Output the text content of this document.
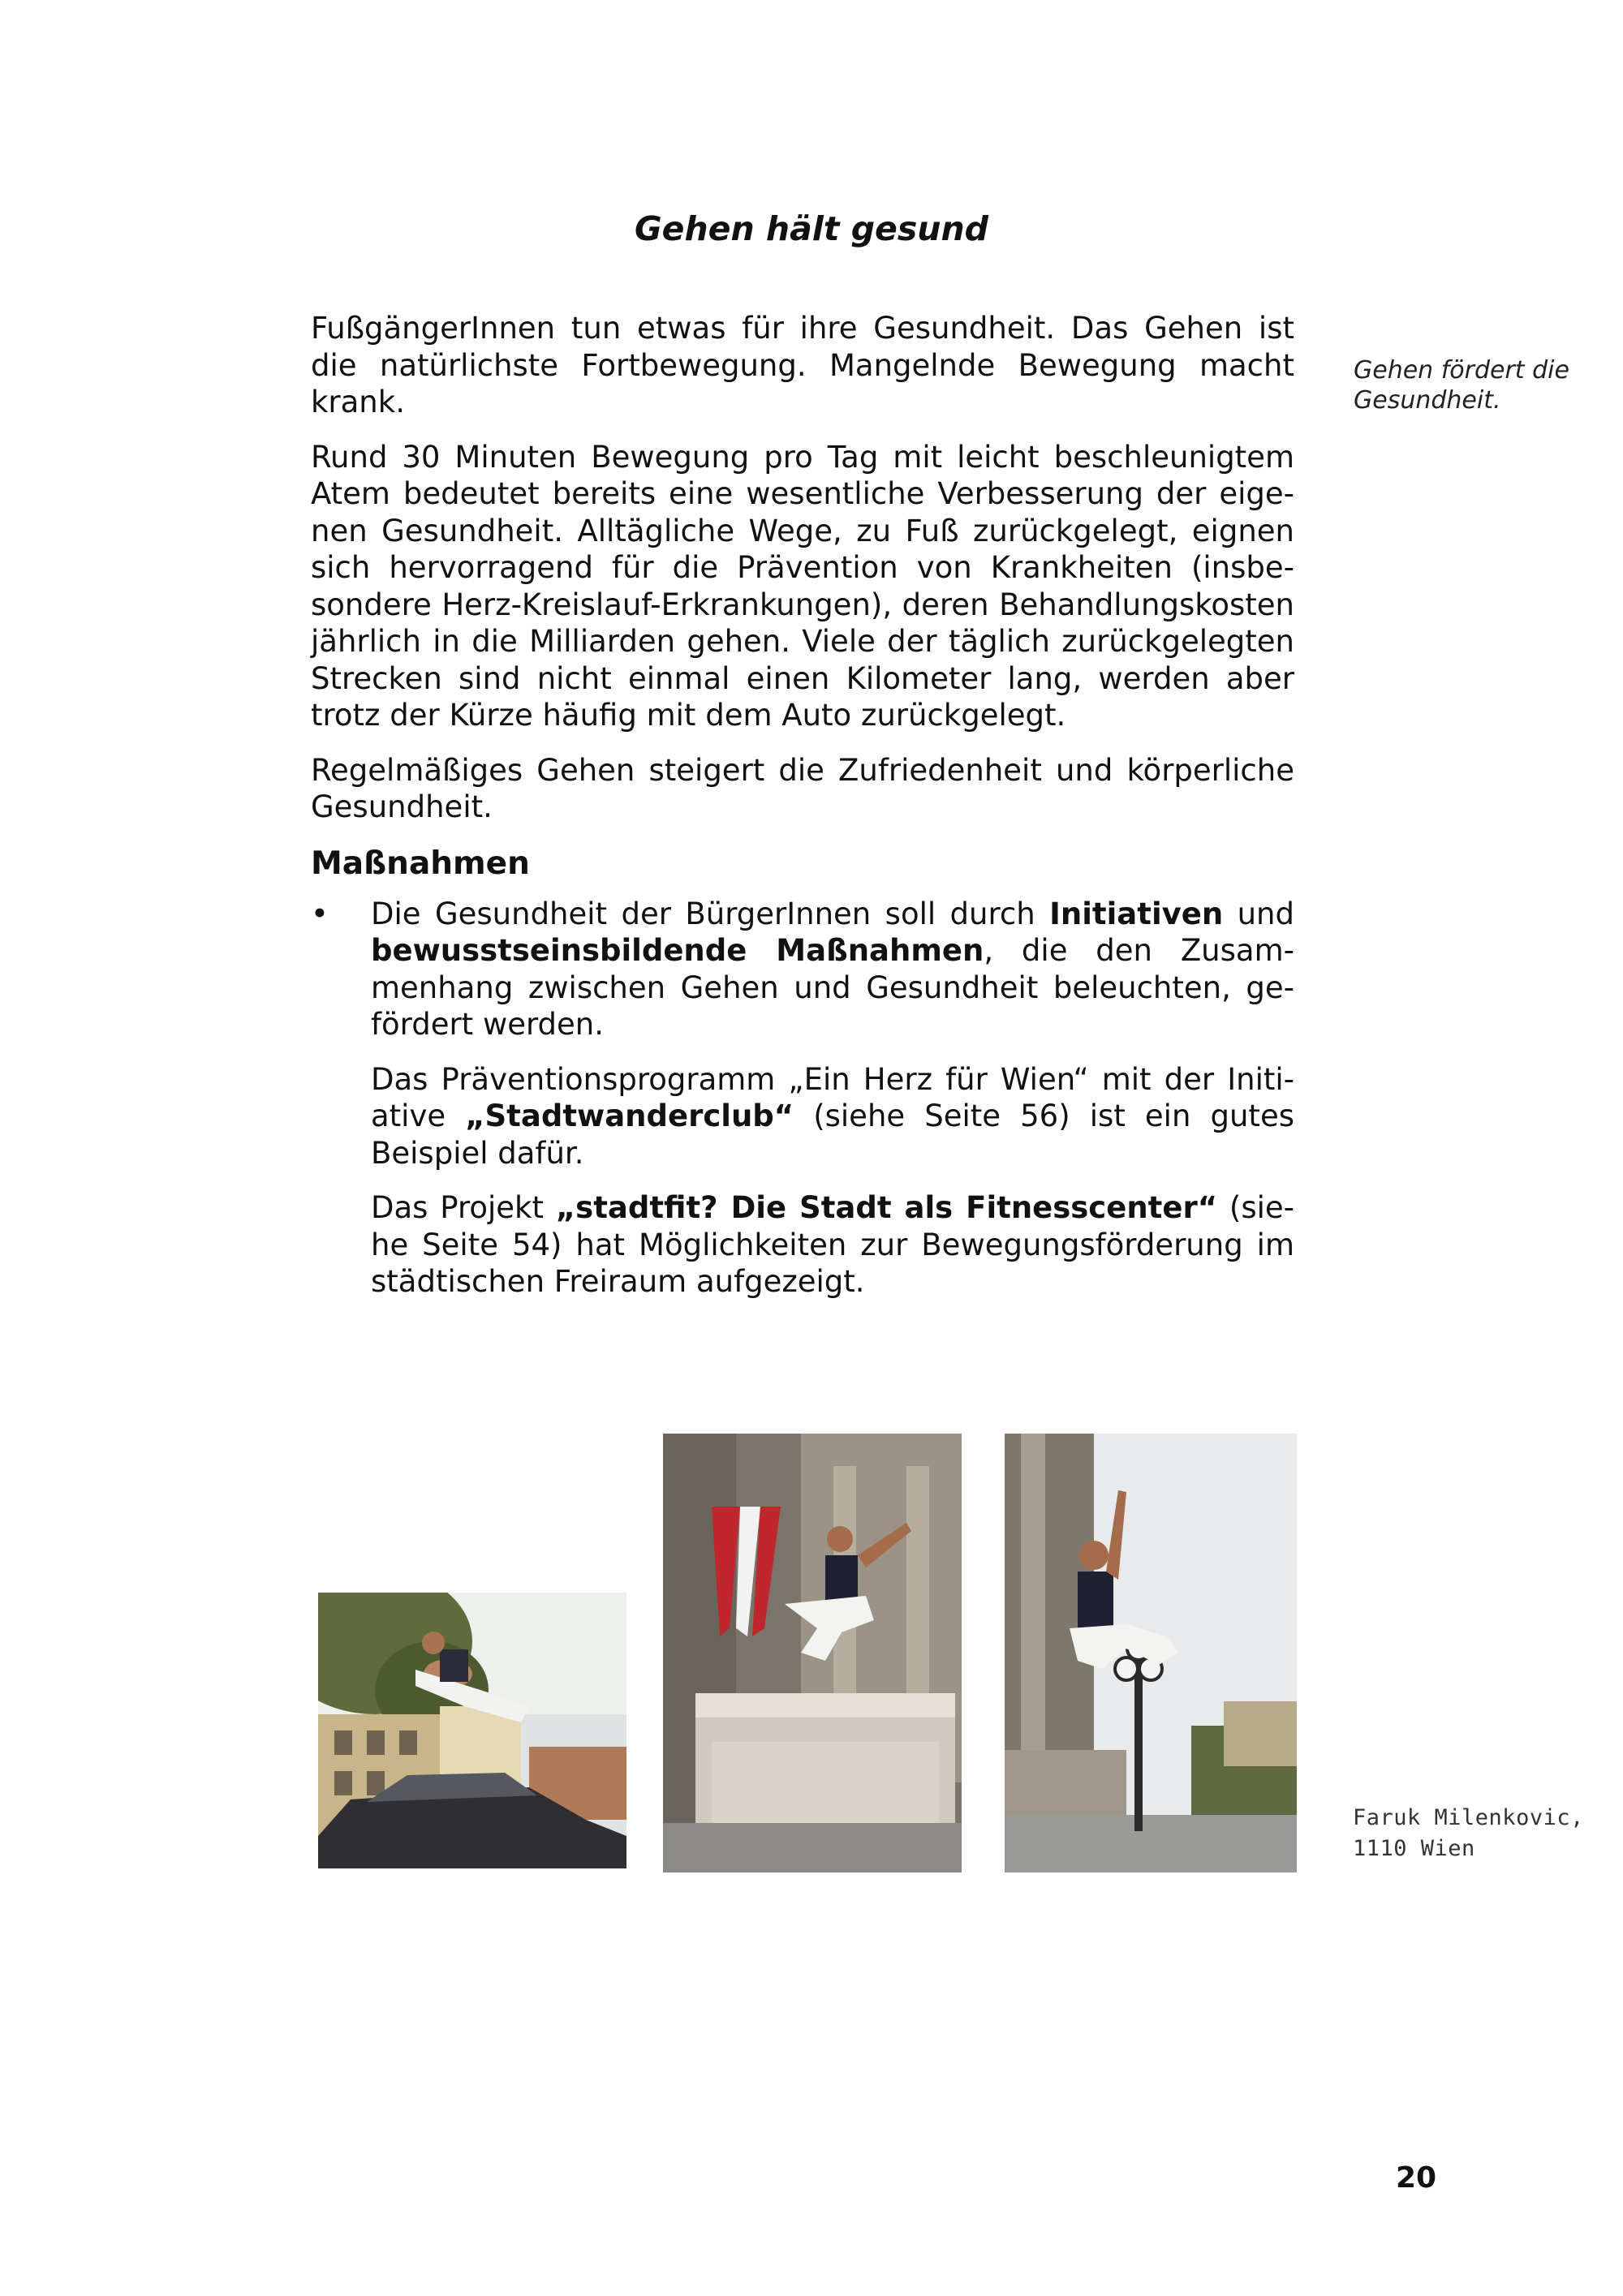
Gehen hält gesund

FußgängerInnen tun etwas für ihre Gesundheit. Das Gehen ist die natürlichste Fortbewegung. Mangelnde Bewegung macht krank.

Rund 30 Minuten Bewegung pro Tag mit leicht beschleunigtem Atem bedeutet bereits eine wesentliche Verbesserung der eigenen Gesundheit. Alltägliche Wege, zu Fuß zurückgelegt, eignen sich hervorragend für die Prävention von Krankheiten (insbesondere Herz-Kreislauf-Erkrankungen), deren Behandlungskosten jährlich in die Milliarden gehen. Viele der täglich zurückgelegten Strecken sind nicht einmal einen Kilometer lang, werden aber trotz der Kürze häufig mit dem Auto zurückgelegt.

Regelmäßiges Gehen steigert die Zufriedenheit und körperliche Gesundheit.

Maßnahmen
• Die Gesundheit der BürgerInnen soll durch Initiativen und bewusstseinsbildende Maßnahmen, die den Zusammenhang zwischen Gehen und Gesundheit beleuchten, gefördert werden.

Das Präventionsprogramm „Ein Herz für Wien“ mit der Initiative „Stadtwanderclub“ (siehe Seite 56) ist ein gutes Beispiel dafür.

Das Projekt „stadtfit? Die Stadt als Fitnesscenter“ (siehe Seite 54) hat Möglichkeiten zur Bewegungsförderung im städtischen Freiraum aufgezeigt.

Gehen fördert die Gesundheit.
Faruk Milenkovic, 1110 Wien
20
